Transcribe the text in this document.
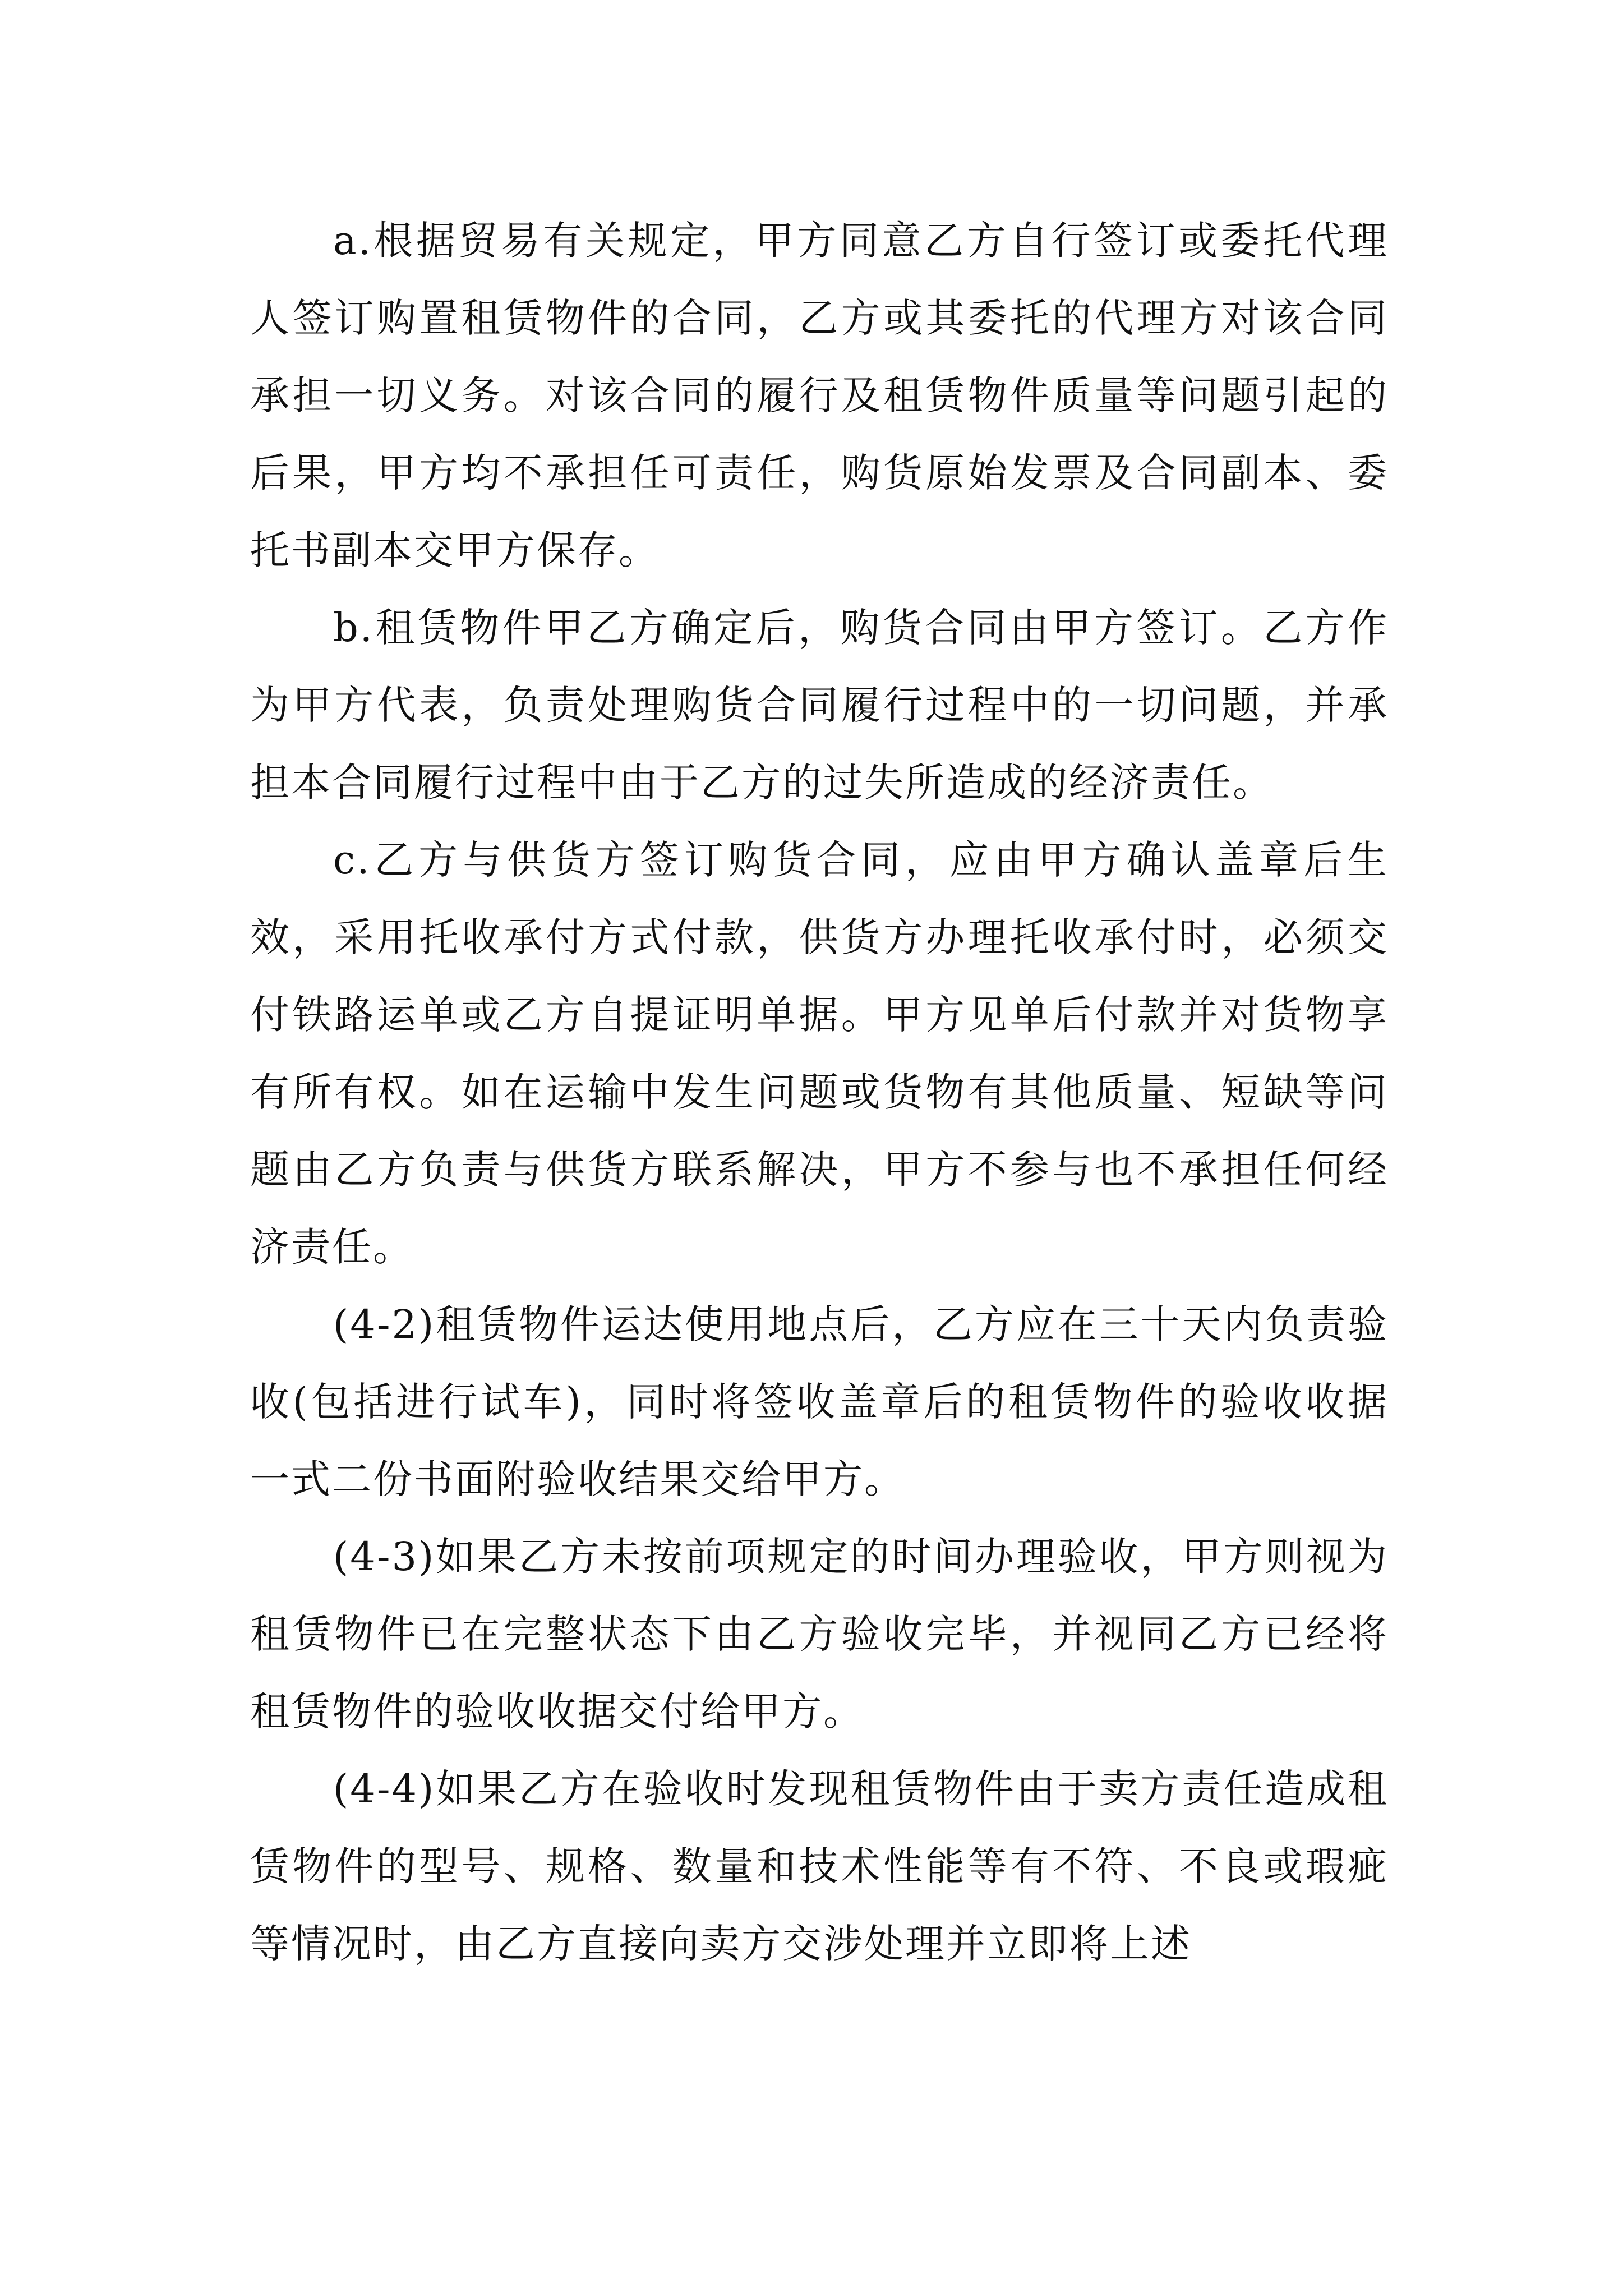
a.根据贸易有关规定，甲方同意乙方自行签订或委托代理人签订购置租赁物件的合同，乙方或其委托的代理方对该合同承担一切义务。对该合同的履行及租赁物件质量等问题引起的后果，甲方均不承担任可责任，购货原始发票及合同副本、委托书副本交甲方保存。

b.租赁物件甲乙方确定后，购货合同由甲方签订。乙方作为甲方代表，负责处理购货合同履行过程中的一切问题，并承担本合同履行过程中由于乙方的过失所造成的经济责任。

c.乙方与供货方签订购货合同，应由甲方确认盖章后生效，采用托收承付方式付款，供货方办理托收承付时，必须交付铁路运单或乙方自提证明单据。甲方见单后付款并对货物享有所有权。如在运输中发生问题或货物有其他质量、短缺等问题由乙方负责与供货方联系解决，甲方不参与也不承担任何经济责任。

(4-2)租赁物件运达使用地点后，乙方应在三十天内负责验收(包括进行试车)，同时将签收盖章后的租赁物件的验收收据一式二份书面附验收结果交给甲方。

(4-3)如果乙方未按前项规定的时间办理验收，甲方则视为租赁物件已在完整状态下由乙方验收完毕，并视同乙方已经将租赁物件的验收收据交付给甲方。

(4-4)如果乙方在验收时发现租赁物件由于卖方责任造成租赁物件的型号、规格、数量和技术性能等有不符、不良或瑕疵等情况时，由乙方直接向卖方交涉处理并立即将上述
